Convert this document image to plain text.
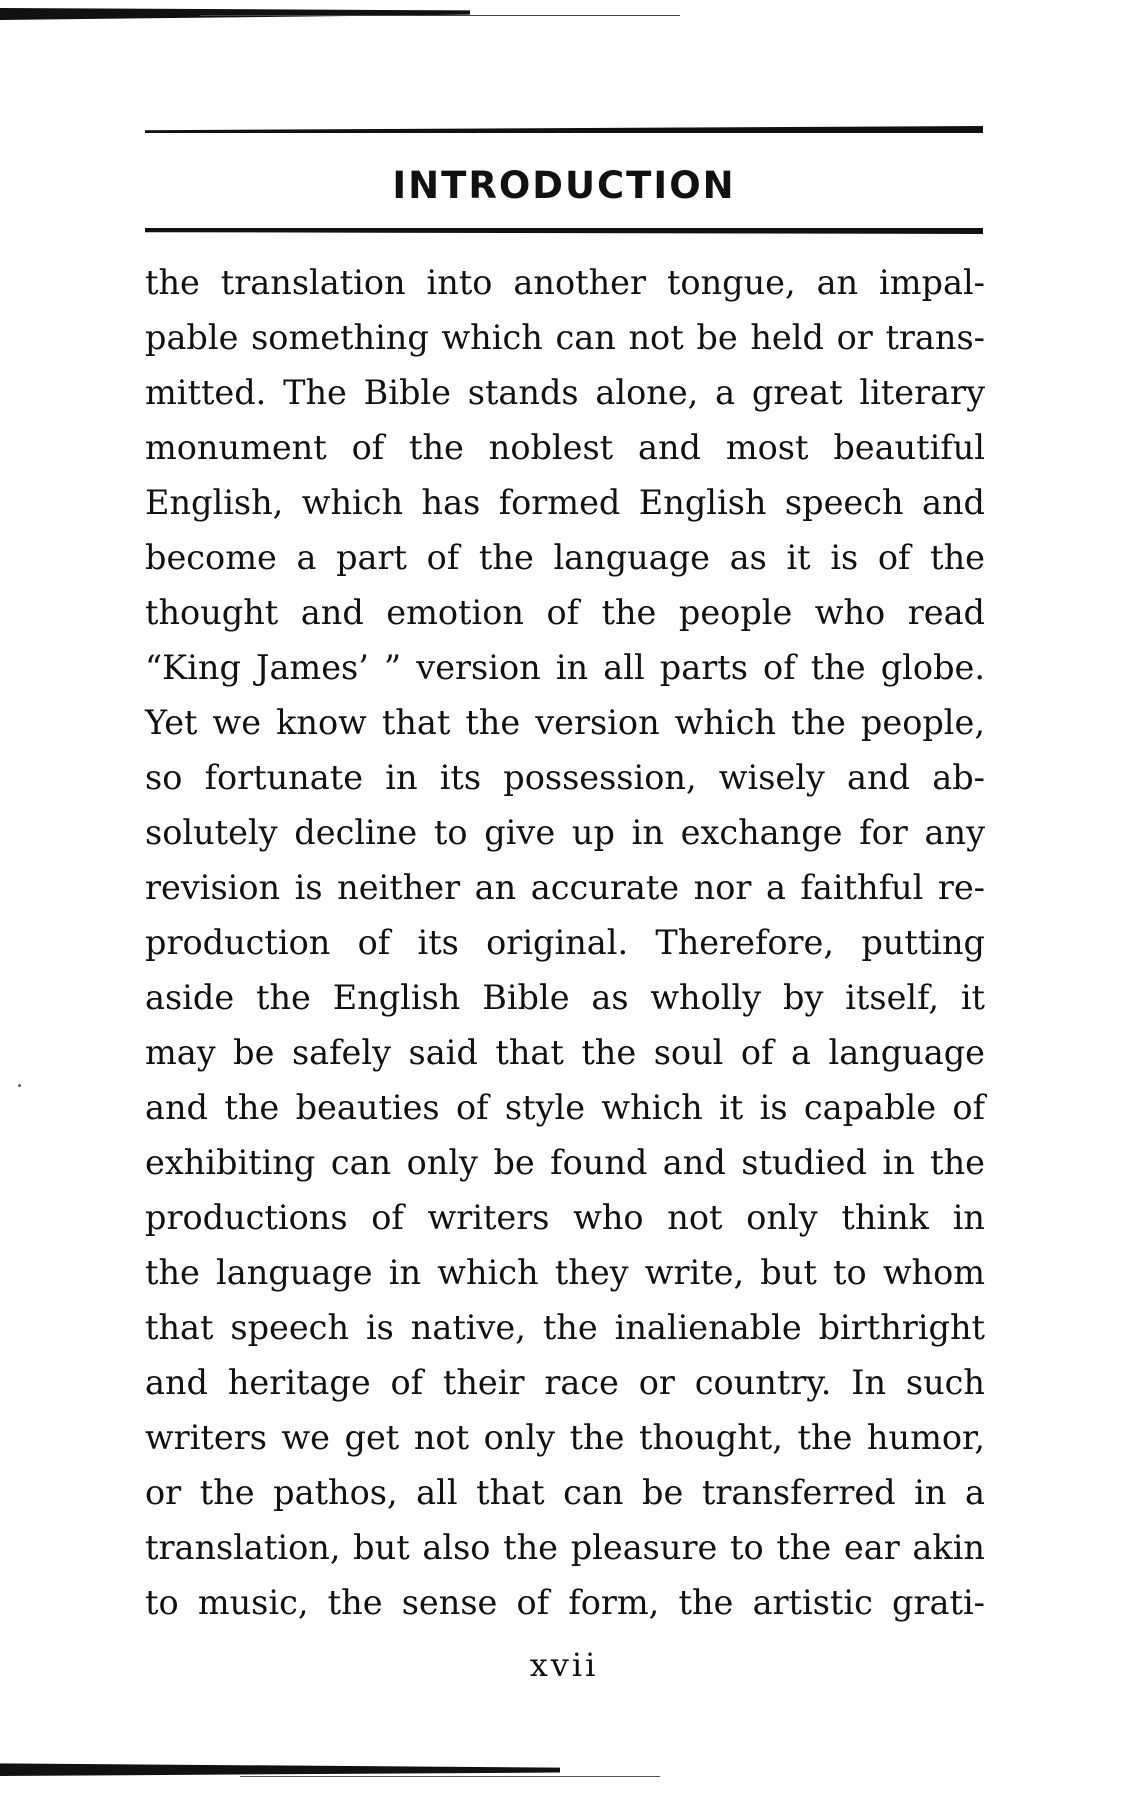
INTRODUCTION
the translation into another tongue, an impal-
pable something which can not be held or trans-
mitted. The Bible stands alone, a great literary
monument of the noblest and most beautiful
English, which has formed English speech and
become a part of the language as it is of the
thought and emotion of the people who read
“King James’ ” version in all parts of the globe.
Yet we know that the version which the people,
so fortunate in its possession, wisely and ab-
solutely decline to give up in exchange for any
revision is neither an accurate nor a faithful re-
production of its original. Therefore, putting
aside the English Bible as wholly by itself, it
may be safely said that the soul of a language
and the beauties of style which it is capable of
exhibiting can only be found and studied in the
productions of writers who not only think in
the language in which they write, but to whom
that speech is native, the inalienable birthright
and heritage of their race or country. In such
writers we get not only the thought, the humor,
or the pathos, all that can be transferred in a
translation, but also the pleasure to the ear akin
to music, the sense of form, the artistic grati-
xvii
